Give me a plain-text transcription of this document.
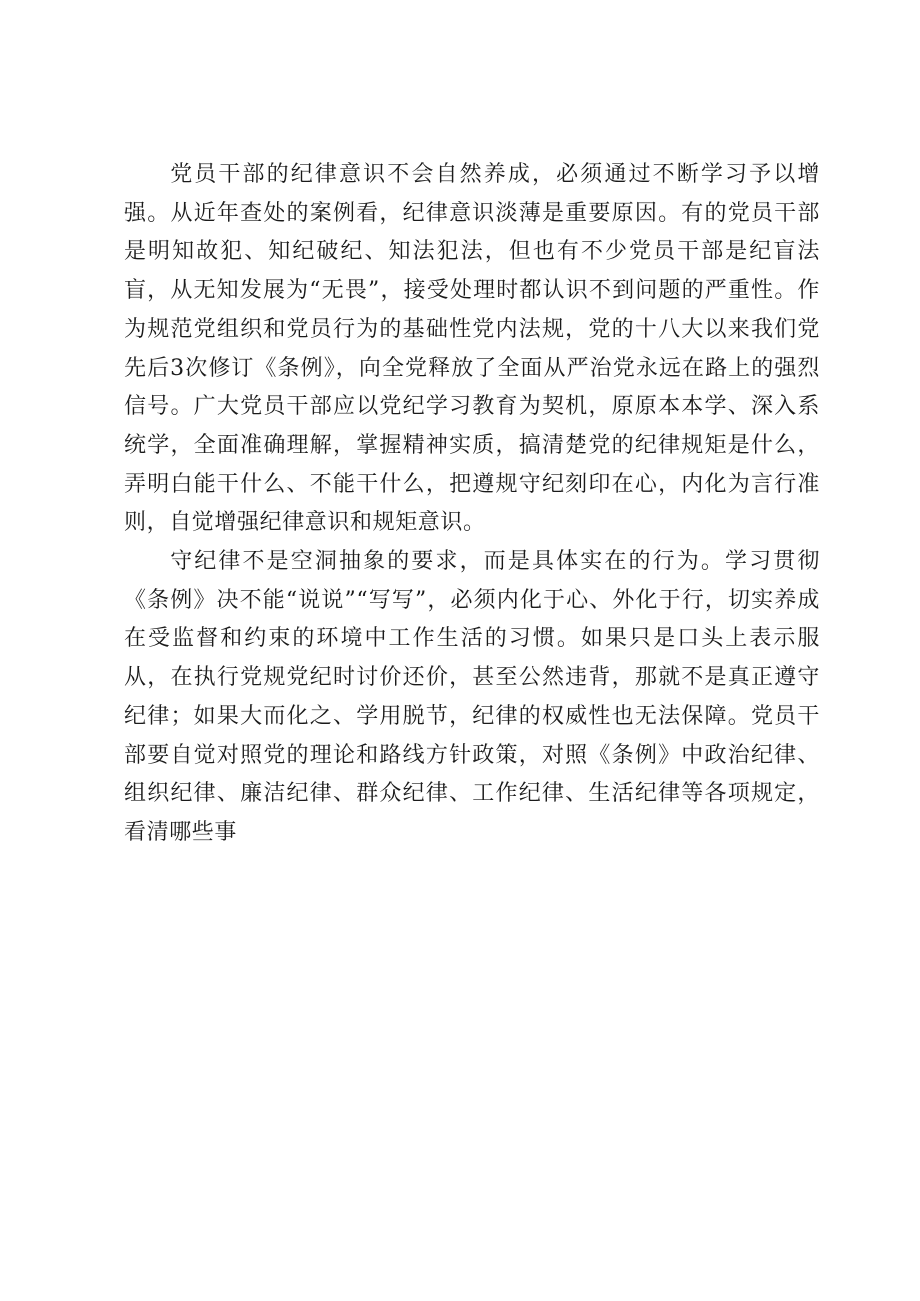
党员干部的纪律意识不会自然养成，必须通过不断学习予以增强。从近年查处的案例看，纪律意识淡薄是重要原因。有的党员干部是明知故犯、知纪破纪、知法犯法，但也有不少党员干部是纪盲法盲，从无知发展为“无畏”，接受处理时都认识不到问题的严重性。作为规范党组织和党员行为的基础性党内法规，党的十八大以来我们党先后3次修订《条例》，向全党释放了全面从严治党永远在路上的强烈信号。广大党员干部应以党纪学习教育为契机，原原本本学、深入系统学，全面准确理解，掌握精神实质，搞清楚党的纪律规矩是什么，弄明白能干什么、不能干什么，把遵规守纪刻印在心，内化为言行准则，自觉增强纪律意识和规矩意识。

守纪律不是空洞抽象的要求，而是具体实在的行为。学习贯彻《条例》决不能“说说”“写写”，必须内化于心、外化于行，切实养成在受监督和约束的环境中工作生活的习惯。如果只是口头上表示服从，在执行党规党纪时讨价还价，甚至公然违背，那就不是真正遵守纪律；如果大而化之、学用脱节，纪律的权威性也无法保障。党员干部要自觉对照党的理论和路线方针政策，对照《条例》中政治纪律、组织纪律、廉洁纪律、群众纪律、工作纪律、生活纪律等各项规定，看清哪些事
